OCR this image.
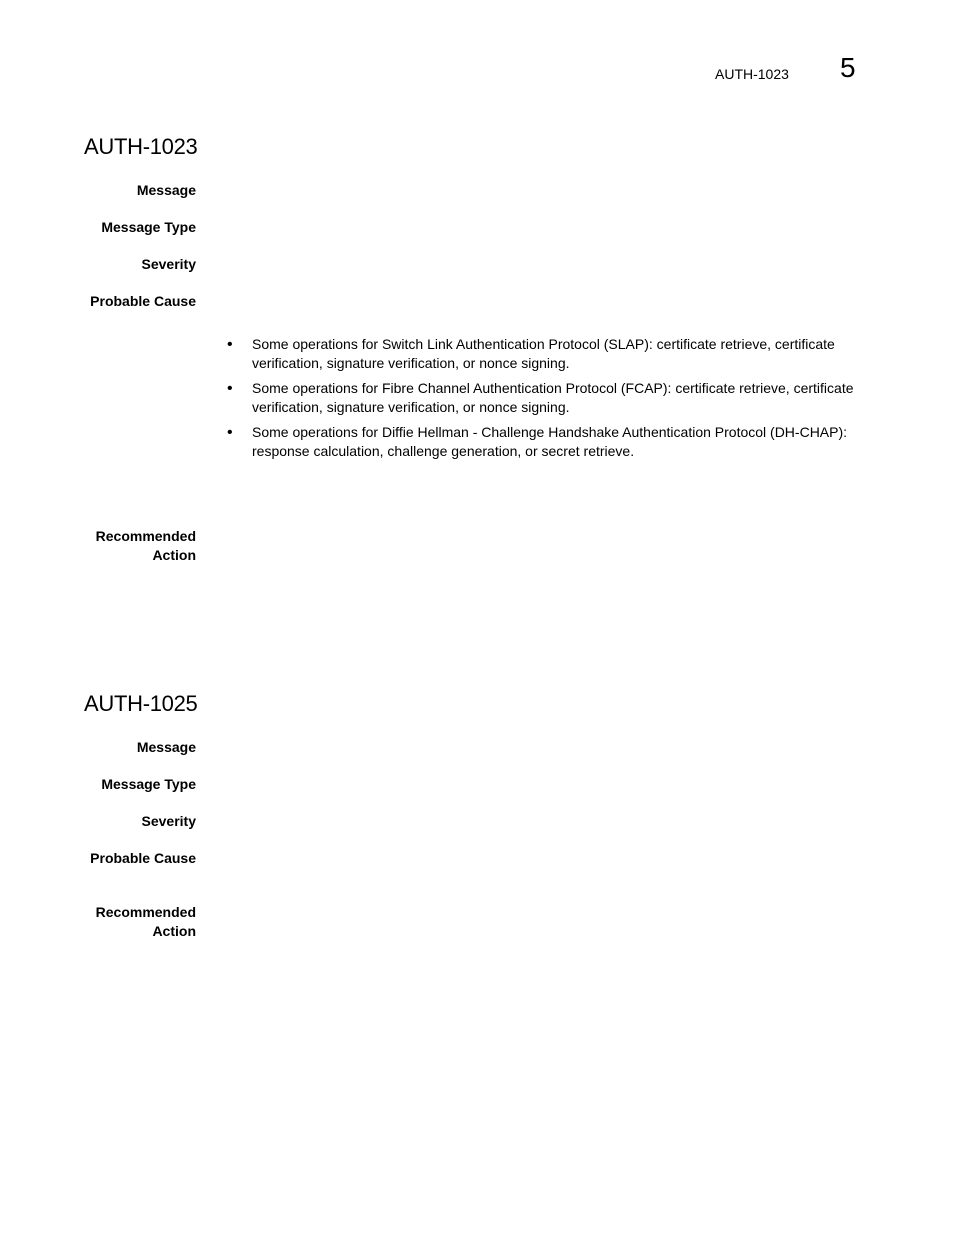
AUTH-1023 5
AUTH-1023
Message
Message Type
Severity
Probable Cause
• Some operations for Switch Link Authentication Protocol (SLAP): certificate retrieve, certificate verification, signature verification, or nonce signing.
• Some operations for Fibre Channel Authentication Protocol (FCAP): certificate retrieve, certificate verification, signature verification, or nonce signing.
• Some operations for Diffie Hellman - Challenge Handshake Authentication Protocol (DH-CHAP): response calculation, challenge generation, or secret retrieve.
Recommended
Action
AUTH-1025
Message
Message Type
Severity
Probable Cause
Recommended
Action
